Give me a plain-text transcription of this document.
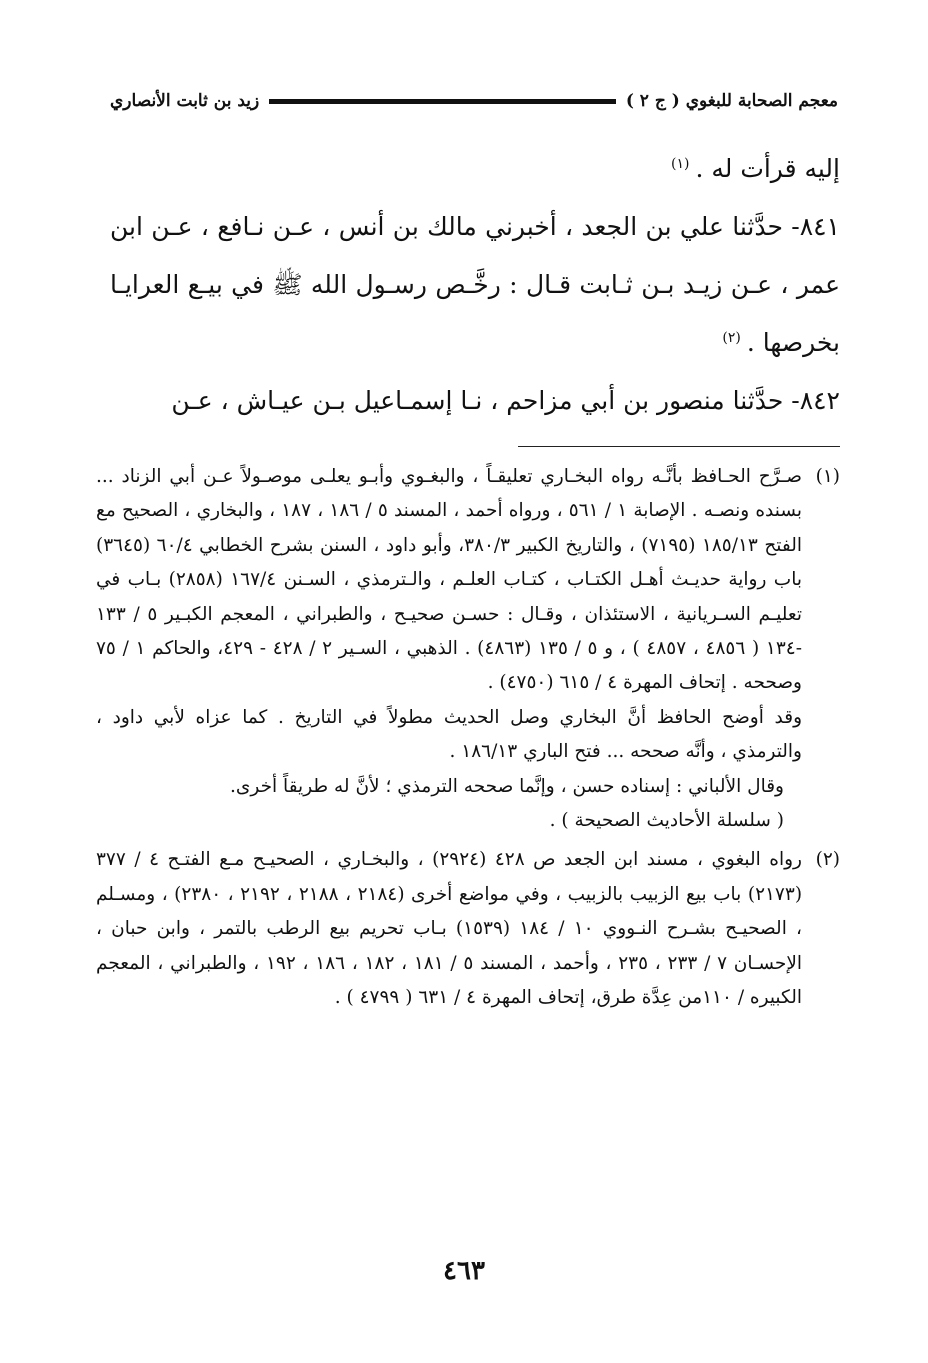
معجم الصحابة للبغوي ( ج ٢ )
زيد بن ثابت الأنصاري

إليه قرأت له .$^{(١)}$

٨٤١- حدَّثنا علي بن الجعد ، أخبرني مالك بن أنس ، عـن نـافع ، عـن ابن عمر ، عـن زيـد بـن ثـابت قـال : رخَّـص رسـول الله ﷺ في بيـع العرايـا بخرصها .$^{(٢)}$

٨٤٢- حدَّثنا منصور بن أبي مزاحم ، نـا إسمـاعيل بـن عيـاش ، عـن

(١)

صـرَّح الحـافظ بأنَّـه رواه البخـاري تعليقـاً ، والبغـوي وأبـو يعلـى موصـولاً عـن أبي الزناد ... بسنده ونصـه . الإصابة ١ / ٥٦١ ، ورواه أحمد ، المسند ٥ / ١٨٦ ، ١٨٧ ، والبخاري ، الصحيح مع الفتح ١٨٥/١٣ (٧١٩٥) ، والتاريخ الكبير ٣٨٠/٣، وأبو داود ، السنن بشرح الخطابي ٦٠/٤ (٣٦٤٥) باب رواية حديـث أهـل الكتـاب ، كتـاب العلـم ، والـترمذي ، السـنن ١٦٧/٤ (٢٨٥٨) بـاب في تعليـم السـريانية ، الاستئذان ، وقـال : حسـن صحيـح ، والطبراني ، المعجم الكبـير ٥ / ١٣٣ -١٣٤ ( ٤٨٥٦ ، ٤٨٥٧ ) ، و ٥ / ١٣٥ (٤٨٦٣) . الذهبي ، السـير ٢ / ٤٢٨ - ٤٢٩، والحاكم ١ / ٧٥ وصححه . إتحاف المهرة ٤ / ٦١٥ (٤٧٥٠) .

وقد أوضح الحافظ أنَّ البخاري وصل الحديث مطولاً في التاريخ . كما عزاه لأبي داود ، والترمذي ، وأنَّه صححه ... فتح الباري ١٨٦/١٣ .

وقال الألباني : إسناده حسن ، وإنَّما صححه الترمذي ؛ لأنَّ له طريقاً أخرى.

( سلسلة الأحاديث الصحيحة ) .

(٢)

رواه البغوي ، مسند ابن الجعد ص ٤٢٨ (٢٩٢٤) ، والبخـاري ، الصحيـح مـع الفتـح ٤ / ٣٧٧ (٢١٧٣) باب بيع الزبيب بالزبيب ، وفي مواضع أخرى (٢١٨٤ ، ٢١٨٨ ، ٢١٩٢ ، ٢٣٨٠) ، ومسـلم ، الصحيـح بشـرح النـووي ١٠ / ١٨٤ (١٥٣٩) بـاب تحريم بيع الرطب بالتمر ، وابن حبان ، الإحسـان ٧ / ٢٣٣ ، ٢٣٥ ، وأحمد ، المسند ٥ / ١٨١ ، ١٨٢ ، ١٨٦ ، ١٩٢ ، والطبراني ، المعجم الكبيره / ١١٠من عِدَّة طرق، إتحاف المهرة ٤ / ٦٣١ ( ٤٧٩٩ ) .

٤٦٣
